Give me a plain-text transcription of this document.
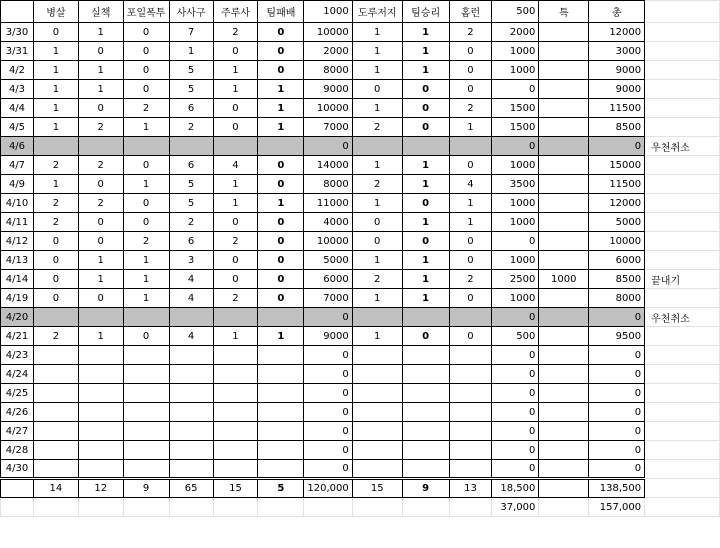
	병살	실책	포일폭투	사사구	주루사	팀패배	1000	도루저지	팀승리	홈런	500	특	총	
3/30	0	1	0	7	2	0	10000	1	1	2	2000		12000	
3/31	1	0	0	1	0	0	2000	1	1	0	1000		3000	
4/2	1	1	0	5	1	0	8000	1	1	0	1000		9000	
4/3	1	1	0	5	1	1	9000	0	0	0	0		9000	
4/4	1	0	2	6	0	1	10000	1	0	2	1500		11500	
4/5	1	2	1	2	0	1	7000	2	0	1	1500		8500	
4/6							0				0		0	우천취소
4/7	2	2	0	6	4	0	14000	1	1	0	1000		15000	
4/9	1	0	1	5	1	0	8000	2	1	4	3500		11500	
4/10	2	2	0	5	1	1	11000	1	0	1	1000		12000	
4/11	2	0	0	2	0	0	4000	0	1	1	1000		5000	
4/12	0	0	2	6	2	0	10000	0	0	0	0		10000	
4/13	0	1	1	3	0	0	5000	1	1	0	1000		6000	
4/14	0	1	1	4	0	0	6000	2	1	2	2500	1000	8500	끝내기
4/19	0	0	1	4	2	0	7000	1	1	0	1000		8000	
4/20							0				0		0	우천취소
4/21	2	1	0	4	1	1	9000	1	0	0	500		9500	
4/23							0				0		0	
4/24							0				0		0	
4/25							0				0		0	
4/26							0				0		0	
4/27							0				0		0	
4/28							0				0		0	
4/30							0				0		0	
	14	12	9	65	15	5	120,000	15	9	13	18,500		138,500	
											37,000		157,000	
